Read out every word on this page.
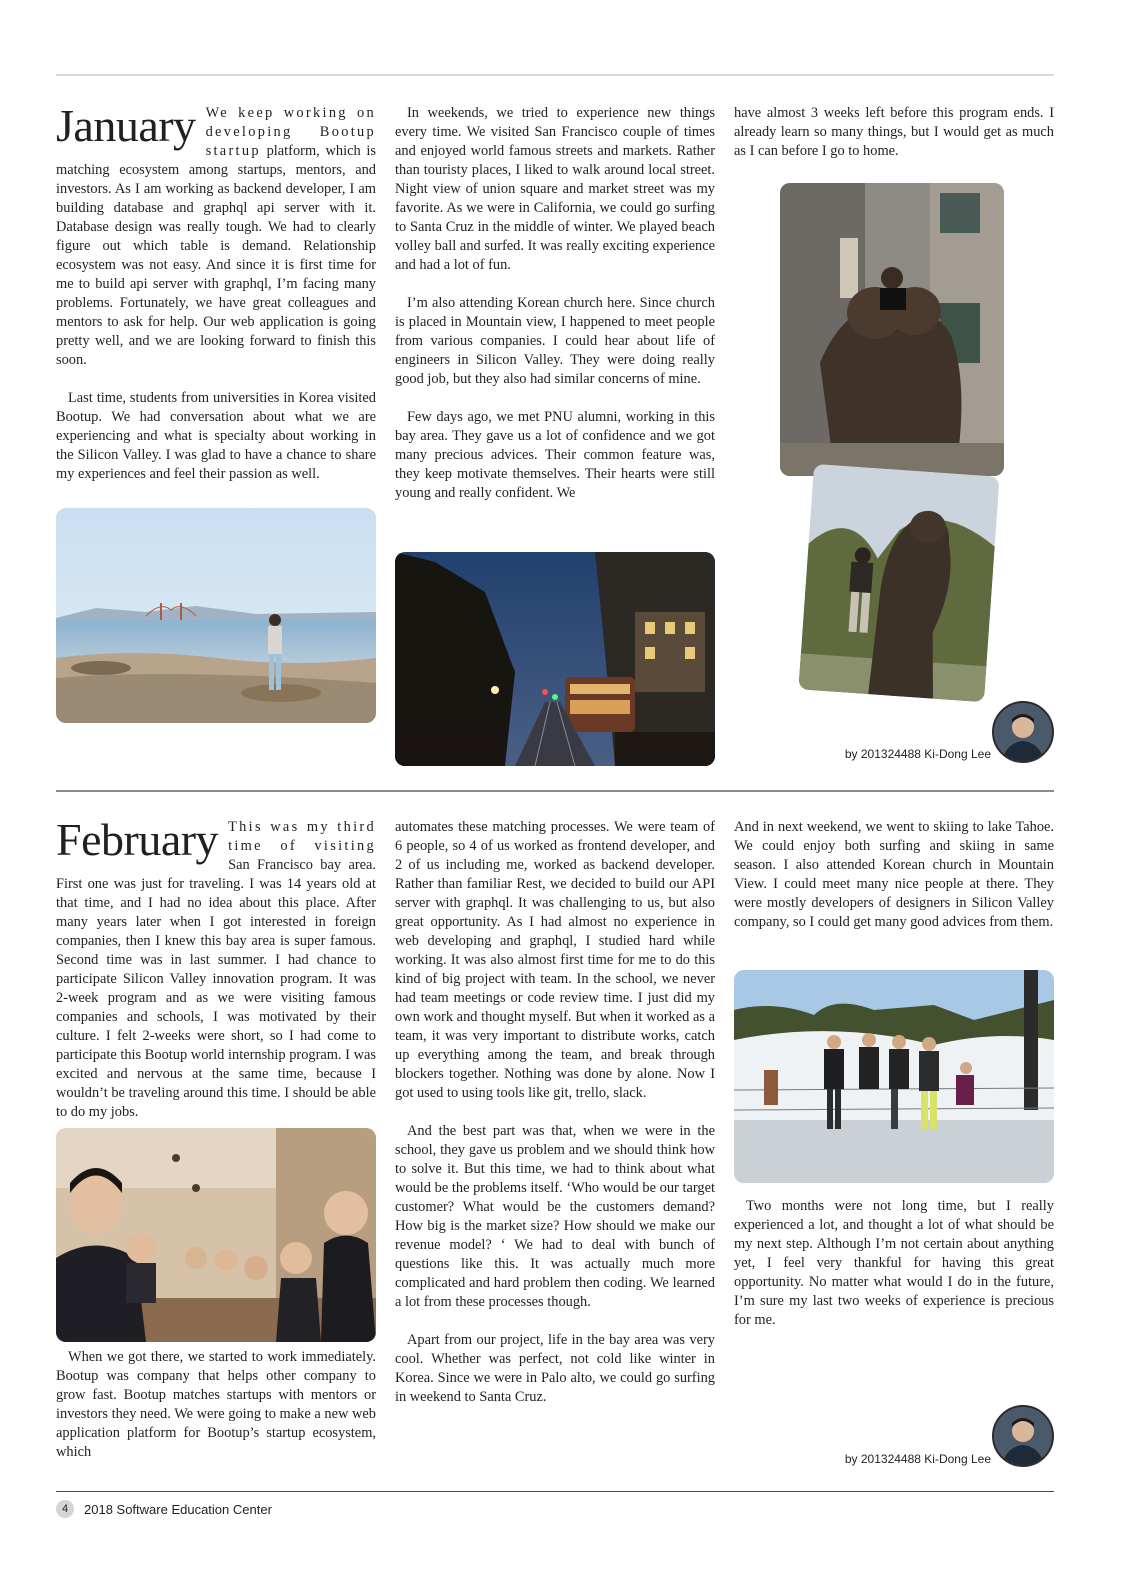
January We keep working on developing Bootup startup platform, which is matching ecosystem among startups, mentors, and investors. As I am working as backend developer, I am building database and graphql api server with it. Database design was really tough. We had to clearly figure out which table is demand. Relationship ecosystem was not easy. And since it is first time for me to build api server with graphql, I’m facing many problems. Fortunately, we have great colleagues and mentors to ask for help. Our web application is going pretty well, and we are looking forward to finish this soon.

Last time, students from universities in Korea visited Bootup. We had conversation about what we are experiencing and what is specialty about working in the Silicon Valley. I was glad to have a chance to share my experiences and feel their passion as well.

In weekends, we tried to experience new things every time. We visited San Francisco couple of times and enjoyed world famous streets and markets. Rather than touristy places, I liked to walk around local street. Night view of union square and market street was my favorite. As we were in California, we could go surfing to Santa Cruz in the middle of winter. We played beach volley ball and surfed. It was really exciting experience and had a lot of fun.

I’m also attending Korean church here. Since church is placed in Mountain view, I happened to meet people from various companies. I could hear about life of engineers in Silicon Valley. They were doing really good job, but they also had similar concerns of mine.

Few days ago, we met PNU alumni, working in this bay area. They gave us a lot of confidence and we got many precious advices. Their common feature was, they keep motivate themselves. Their hearts were still young and really confident. We

have almost 3 weeks left before this program ends. I already learn so many things, but I would get as much as I can before I go to home.

by 201324488 Ki-Dong Lee

February This was my third time of visiting San Francisco bay area. First one was just for traveling. I was 14 years old at that time, and I had no idea about this place. After many years later when I got interested in foreign companies, then I knew this bay area is super famous. Second time was in last summer. I had chance to participate Silicon Valley innovation program. It was 2-week program and as we were visiting famous companies and schools, I was motivated by their culture. I felt 2-weeks were short, so I had come to participate this Bootup world internship program. I was excited and nervous at the same time, because I wouldn’t be traveling around this time. I should be able to do my jobs.

When we got there, we started to work immediately. Bootup was company that helps other company to grow fast. Bootup matches startups with mentors or investors they need. We were going to make a new web application platform for Bootup’s startup ecosystem, which

automates these matching processes. We were team of 6 people, so 4 of us worked as frontend developer, and 2 of us including me, worked as backend developer. Rather than familiar Rest, we decided to build our API server with graphql. It was challenging to us, but also great opportunity. As I had almost no experience in web developing and graphql, I studied hard while working. It was also almost first time for me to do this kind of big project with team. In the school, we never had team meetings or code review time. I just did my own work and thought myself. But when it worked as a team, it was very important to distribute works, catch up everything among the team, and break through blockers together. Nothing was done by alone. Now I got used to using tools like git, trello, slack.

And the best part was that, when we were in the school, they gave us problem and we should think how to solve it. But this time, we had to think about what would be the problems itself. ‘Who would be our target customer? What would be the customers demand? How big is the market size? How should we make our revenue model? ‘ We had to deal with bunch of questions like this. It was actually much more complicated and hard problem then coding. We learned a lot from these processes though.

Apart from our project, life in the bay area was very cool. Whether was perfect, not cold like winter in Korea. Since we were in Palo alto, we could go surfing in weekend to Santa Cruz.

And in next weekend, we went to skiing to lake Tahoe. We could enjoy both surfing and skiing in same season. I also attended Korean church in Mountain View. I could meet many nice people at there. They were mostly developers of designers in Silicon Valley company, so I could get many good advices from them.

Two months were not long time, but I really experienced a lot, and thought a lot of what should be my next step. Although I’m not certain about anything yet, I feel very thankful for having this great opportunity. No matter what would I do in the future, I’m sure my last two weeks of experience is precious for me.

by 201324488 Ki-Dong Lee
4	2018 Software Education Center
